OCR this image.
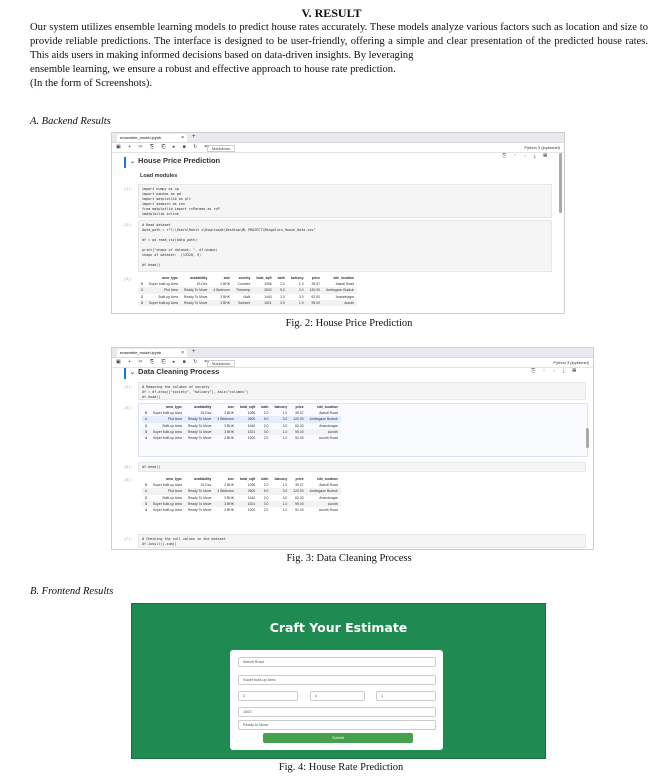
V. RESULT

Our system utilizes ensemble learning models to predict house rates accurately. These models analyze various factors such as location and size to provide reliable predictions. The interface is designed to be user-friendly, offering a simple and clear presentation of the predicted house rates. This aids users in making informed decisions based on data-driven insights. By leveraging
ensemble learning, we ensure a robust and effective approach to house rate prediction.
(In the form of Screenshots).

A. Backend Results
ensemble_model.ipynb	× +
▣ + ✂ ⎘ ⎗ ▸ ■ ↻ ⏭ Markdown	Python 3 (ipykernel)
⎘ ↑ ↓ ⤓ ▤
⌄ House Price Prediction
Load modules
[1]:	import numpy as np
import pandas as pd
import matplotlib as plt
import seaborn as sns
from matplotlib import rcParams as rcP
%matplotlib inline
[2]:	# Read dataset
data_path = r"C:\Users\Rohit s\Downloads\Desktop\ML PROJECT\Bengaluru_House_Data.csv"

df = pd.read_csv(data_path)

print("shape of dataset: ", df.shape)
shape of dataset:  (13320, 9)

df.head()
[3]:
		area_type	availability	size	society	total_sqft	bath	balcony	price	site_location
0	Super built-up Area	19-Dec	2 BHK	Coomee	1056	2.0	1.0	39.07	Alandi Road
1	Plot Area	Ready To Move	4 Bedroom	Theanmp	2600	5.0	3.0	120.00	Ambegaon Budruk
2	Built-up Area	Ready To Move	3 BHK	NaN	1440	2.0	3.0	62.00	Anandnagar
3	Super built-up Area	Ready To Move	3 BHK	Soiewre	1521	3.0	1.0	95.00	Aundh
Fig. 2: House Price Prediction
ensemble_model.ipynb	× +
▣ + ✂ ⎘ ⎗ ▸ ■ ↻ ⏭ Markdown	Python 3 (ipykernel)
⎘ ↑ ↓ ⤓ ▤
⌄ Data Cleaning Process
[5]:	# Removing the columns of society
df = df.drop(["society", "balcony"], axis="columns")
df.head()
[5]:
		area_type	availability	size	total_sqft	bath	balcony	price	site_location
0	Super built-up Area	19-Dec	2 BHK	1056	2.0	1.0	39.07	Alandi Road
1	Plot Area	Ready To Move	4 Bedroom	2600	5.0	3.0	120.00	Ambegaon Budruk
2	Built-up Area	Ready To Move	3 BHK	1440	2.0	3.0	62.00	Anandnagar
3	Super built-up Area	Ready To Move	3 BHK	1521	3.0	1.0	95.00	Aundh
4	Super built-up Area	Ready To Move	2 BHK	1200	2.0	1.0	51.00	Aundh Road
[6]:	df.head()
[6]:
		area_type	availability	size	total_sqft	bath	balcony	price	site_location
0	Super built-up Area	19-Dec	2 BHK	1056	2.0	1.0	39.07	Alandi Road
1	Plot Area	Ready To Move	4 Bedroom	2600	5.0	3.0	120.00	Ambegaon Budruk
2	Built-up Area	Ready To Move	3 BHK	1440	2.0	3.0	62.00	Anandnagar
3	Super built-up Area	Ready To Move	3 BHK	1521	3.0	1.0	95.00	Aundh
4	Super built-up Area	Ready To Move	2 BHK	1200	2.0	1.0	51.00	Aundh Road
[7]:	# Checking the null values in the dataset
df.isnull().sum()
Fig. 3: Data Cleaning Process
B. Frontend Results
Craft Your Estimate
Alandi Road
Super built-up Area
2	4	1
1000
Ready to Move
Submit
Fig. 4: House Rate Prediction
